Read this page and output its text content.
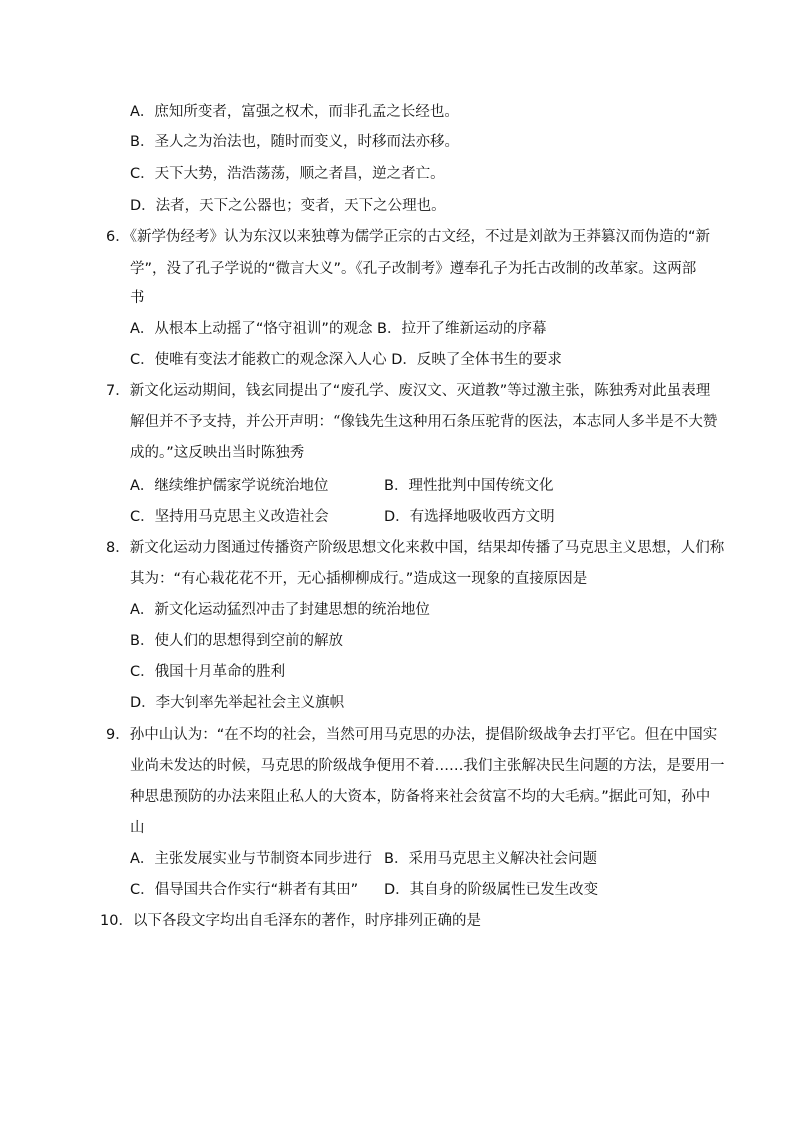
A．庶知所变者，富强之权术，而非孔孟之长经也。
B．圣人之为治法也，随时而变义，时移而法亦移。
C．天下大势，浩浩荡荡，顺之者昌，逆之者亡。
D．法者，天下之公器也；变者，天下之公理也。
6．《新学伪经考》认为东汉以来独尊为儒学正宗的古文经，不过是刘歆为王莽篡汉而伪造的“新
学”，没了孔子学说的“微言大义”。《孔子改制考》遵奉孔子为托古改制的改革家。这两部
书
A．从根本上动摇了“恪守祖训”的观念 B．拉开了维新运动的序幕
C．使唯有变法才能救亡的观念深入人心 D．反映了全体书生的要求
7．新文化运动期间，钱玄同提出了“废孔学、废汉文、灭道教”等过激主张，陈独秀对此虽表理
解但并不予支持，并公开声明：“像钱先生这种用石条压驼背的医法，本志同人多半是不大赞
成的。”这反映出当时陈独秀
A．继续维护儒家学说统治地位	B．理性批判中国传统文化
C．坚持用马克思主义改造社会	D．有选择地吸收西方文明
8．新文化运动力图通过传播资产阶级思想文化来救中国，结果却传播了马克思主义思想，人们称
其为：“有心栽花花不开，无心插柳柳成行。”造成这一现象的直接原因是
A．新文化运动猛烈冲击了封建思想的统治地位
B．使人们的思想得到空前的解放
C．俄国十月革命的胜利
D．李大钊率先举起社会主义旗帜
9．孙中山认为：“在不均的社会，当然可用马克思的办法，提倡阶级战争去打平它。但在中国实
业尚未发达的时候，马克思的阶级战争便用不着……我们主张解决民生问题的方法，是要用一
种思患预防的办法来阻止私人的大资本，防备将来社会贫富不均的大毛病。”据此可知，孙中
山
A．主张发展实业与节制资本同步进行 B．采用马克思主义解决社会问题
C．倡导国共合作实行“耕者有其田” D．其自身的阶级属性已发生改变
10．以下各段文字均出自毛泽东的著作，时序排列正确的是
